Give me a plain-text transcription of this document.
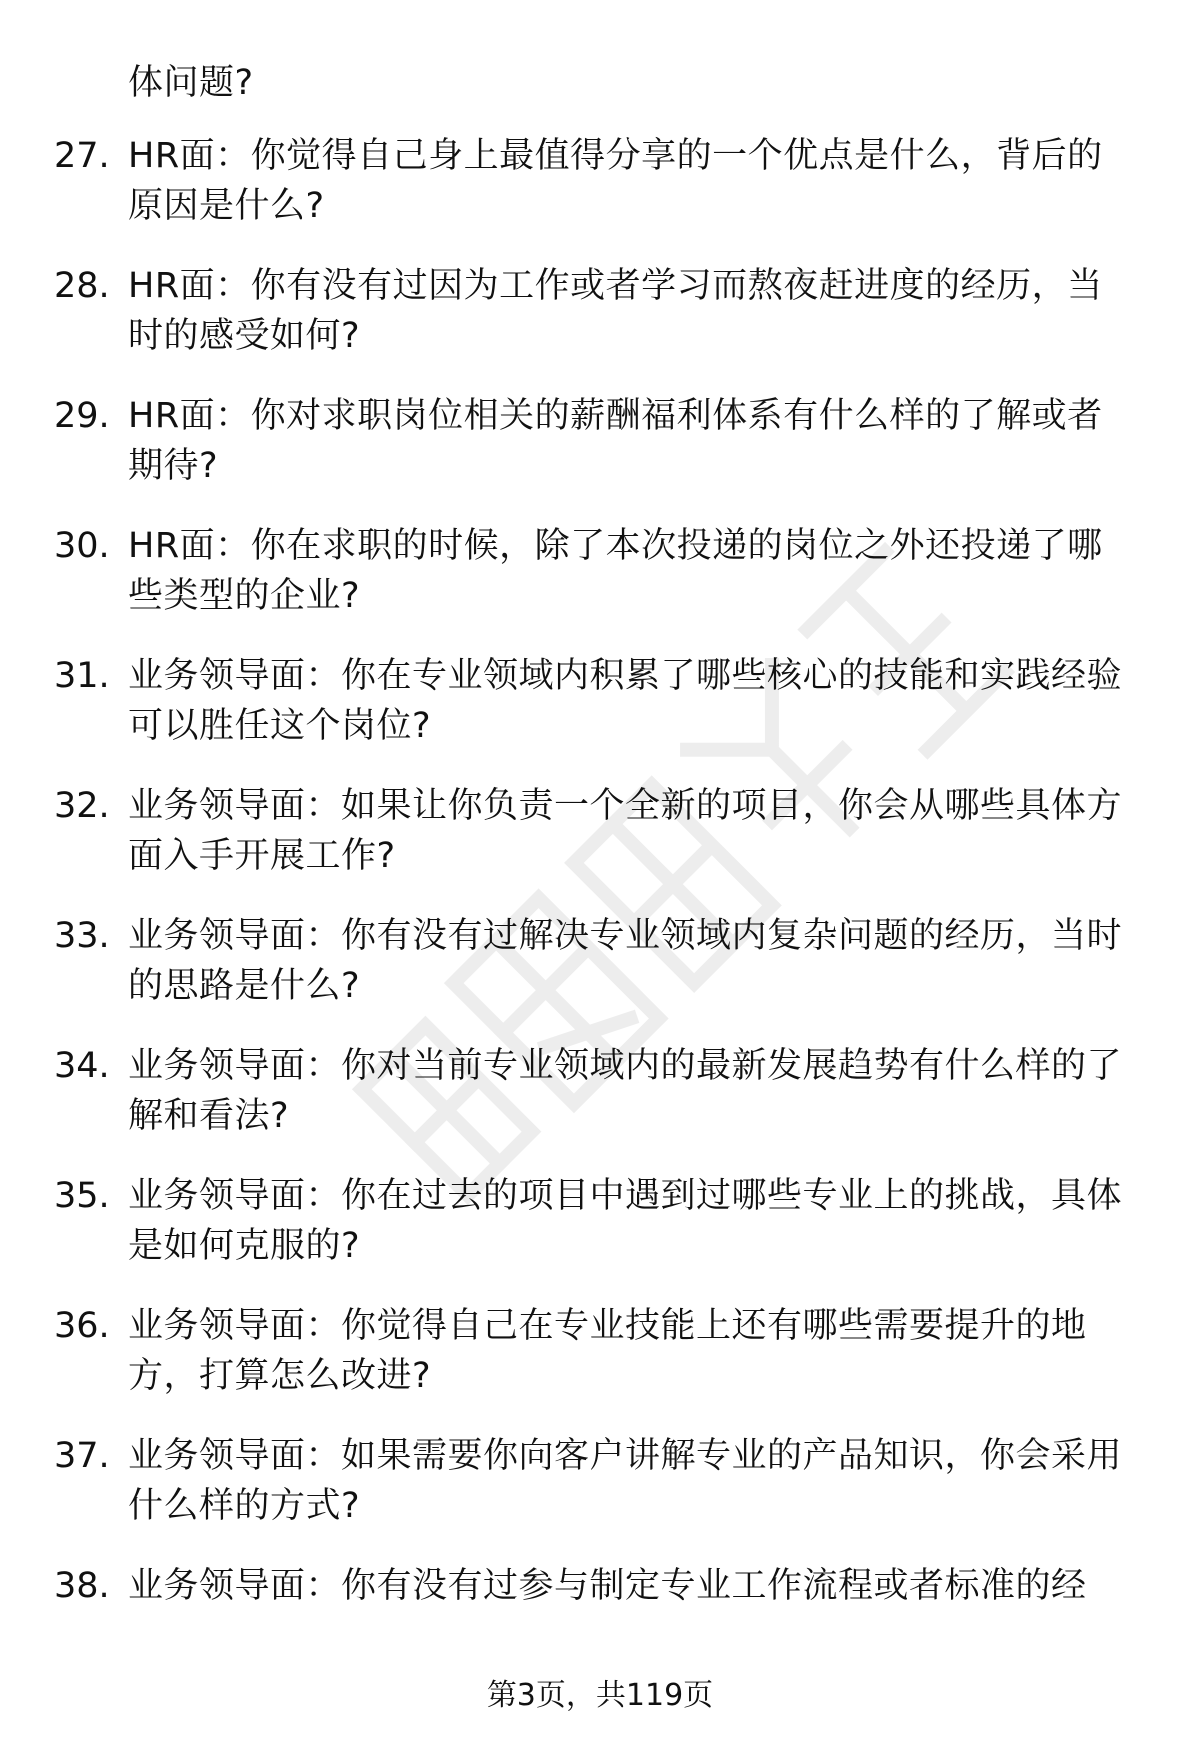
体问题?
27. HR面：你觉得自己身上最值得分享的一个优点是什么，背后的原因是什么?
28. HR面：你有没有过因为工作或者学习而熬夜赶进度的经历，当时的感受如何?
29. HR面：你对求职岗位相关的薪酬福利体系有什么样的了解或者期待?
30. HR面：你在求职的时候，除了本次投递的岗位之外还投递了哪些类型的企业?
31. 业务领导面：你在专业领域内积累了哪些核心的技能和实践经验可以胜任这个岗位?
32. 业务领导面：如果让你负责一个全新的项目，你会从哪些具体方面入手开展工作?
33. 业务领导面：你有没有过解决专业领域内复杂问题的经历，当时的思路是什么?
34. 业务领导面：你对当前专业领域内的最新发展趋势有什么样的了解和看法?
35. 业务领导面：你在过去的项目中遇到过哪些专业上的挑战，具体是如何克服的?
36. 业务领导面：你觉得自己在专业技能上还有哪些需要提升的地方，打算怎么改进?
37. 业务领导面：如果需要你向客户讲解专业的产品知识，你会采用什么样的方式?
38. 业务领导面：你有没有过参与制定专业工作流程或者标准的经
第3页，共119页
